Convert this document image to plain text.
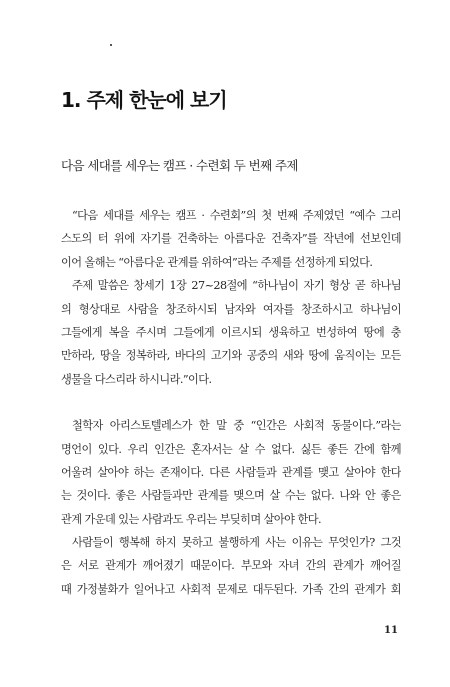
1. 주제 한눈에 보기
다음 세대를 세우는 캠프 · 수련회 두 번째 주제
“다음 세대를 세우는 캠프 · 수련회”의 첫 번째 주제였던 “예수 그리
스도의 터 위에 자기를 건축하는 아름다운 건축자”를 작년에 선보인데
이어 올해는 “아름다운 관계를 위하여”라는 주제를 선정하게 되었다.
주제 말씀은 창세기 1장 27~28절에 “하나님이 자기 형상 곧 하나님
의 형상대로 사람을 창조하시되 남자와 여자를 창조하시고 하나님이
그들에게 복을 주시며 그들에게 이르시되 생육하고 번성하여 땅에 충
만하라, 땅을 정복하라, 바다의 고기와 공중의 새와 땅에 움직이는 모든
생물을 다스리라 하시니라.”이다.
철학자 아리스토텔레스가 한 말 중 “인간은 사회적 동물이다.”라는
명언이 있다. 우리 인간은 혼자서는 살 수 없다. 싫든 좋든 간에 함께
어울려 살아야 하는 존재이다. 다른 사람들과 관계를 맺고 살아야 한다
는 것이다. 좋은 사람들과만 관계를 맺으며 살 수는 없다. 나와 안 좋은
관계 가운데 있는 사람과도 우리는 부딪히며 살아야 한다.
사람들이 행복해 하지 못하고 불행하게 사는 이유는 무엇인가? 그것
은 서로 관계가 깨어졌기 때문이다. 부모와 자녀 간의 관계가 깨어질
때 가정불화가 일어나고 사회적 문제로 대두된다. 가족 간의 관계가 회
11
